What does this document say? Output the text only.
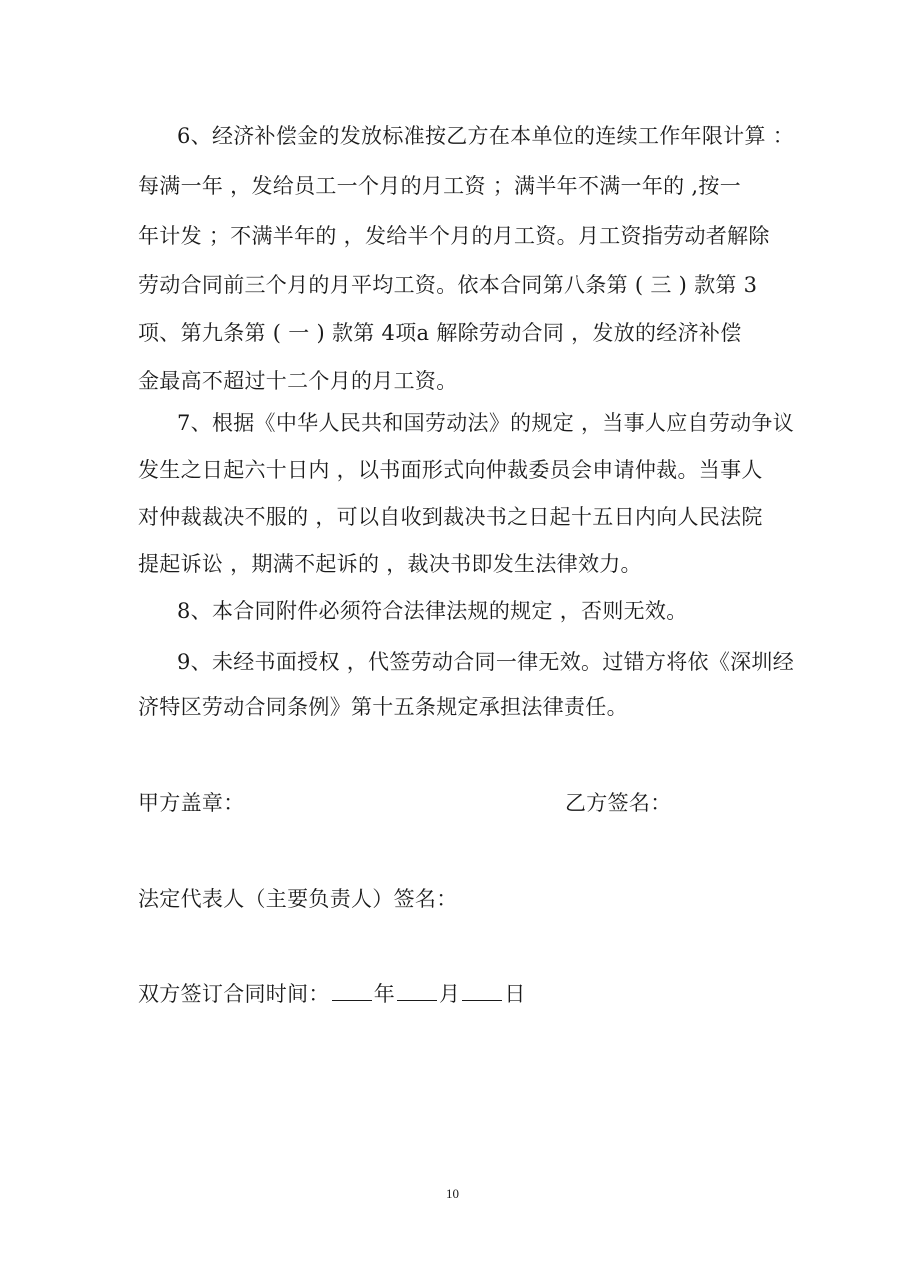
6、经济补偿金的发放标准按乙方在本单位的连续工作年限计算 ：
每满一年 ，发给员工一个月的月工资 ；满半年不满一年的 ,按一
年计发 ；不满半年的 ，发给半个月的月工资。月工资指劳动者解除
劳动合同前三个月的月平均工资。依本合同第八条第 ( 三 ) 款第 3
项、第九条第 ( 一 ) 款第 4项a 解除劳动合同 ，发放的经济补偿
金最高不超过十二个月的月工资。
7、根据《中华人民共和国劳动法》的规定 ，当事人应自劳动争议
发生之日起六十日内 ，以书面形式向仲裁委员会申请仲裁。当事人
对仲裁裁决不服的 ，可以自收到裁决书之日起十五日内向人民法院
提起诉讼 ，期满不起诉的 ，裁决书即发生法律效力。
8、本合同附件必须符合法律法规的规定 ，否则无效。
9、未经书面授权 ，代签劳动合同一律无效。过错方将依《深圳经
济特区劳动合同条例》第十五条规定承担法律责任。
甲方盖章：	乙方签名：
法定代表人（主要负责人）签名：
双方签订合同时间： 年 月 日
10
